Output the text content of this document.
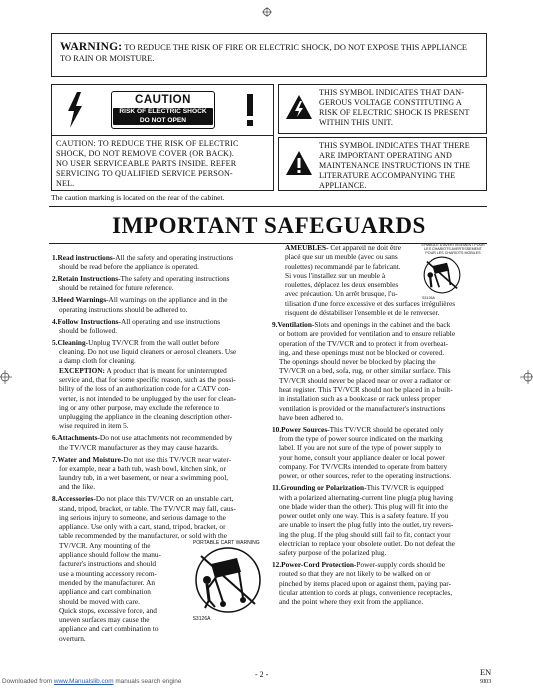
WARNING: TO REDUCE THE RISK OF FIRE OR ELECTRIC SHOCK, DO NOT EXPOSE THIS APPLIANCE
TO RAIN OR MOISTURE.
CAUTION
RISK OF ELECTRIC SHOCK
DO NOT OPEN
CAUTION: TO REDUCE THE RISK OF ELECTRIC
SHOCK, DO NOT REMOVE COVER (OR BACK).
NO USER SERVICEABLE PARTS INSIDE. REFER
SERVICING TO QUALIFIED SERVICE PERSON-
NEL.
THIS SYMBOL INDICATES THAT DAN-
GEROUS VOLTAGE CONSTITUTING A
RISK OF ELECTRIC SHOCK IS PRESENT
WITHIN THIS UNIT.
THIS SYMBOL INDICATES THAT THERE
ARE IMPORTANT OPERATING AND
MAINTENANCE INSTRUCTIONS IN THE
LITERATURE ACCOMPANYING THE
APPLIANCE.
The caution marking is located on the rear of the cabinet.
IMPORTANT SAFEGUARDS

1.Read instructions-All the safety and operating instructions
should be read before the appliance is operated.

2.Retain Instructions-The safety and operating instructions
should be retained for future reference.

3.Heed Warnings-All warnings on the appliance and in the
operating instructions should be adhered to.

4.Follow Instructions-All operating and use instructions
should be followed.

5.Cleaning-Unplug TV/VCR from the wall outlet before
cleaning. Do not use liquid cleaners or aerosol cleaners. Use
a damp cloth for cleaning.
EXCEPTION: A product that is meant for uninterrupted
service and, that for some specific reason, such as the possi-
bility of the loss of an authorization code for a CATV con-
verter, is not intended to be unplugged by the user for clean-
ing or any other purpose, may exclude the reference to
unplugging the appliance in the cleaning description other-
wise required in item 5.

6.Attachments-Do not use attachments not recommended by
the TV/VCR manufacturer as they may cause hazards.

7.Water and Moisture-Do not use this TV/VCR near water-
for example, near a bath tub, wash bowl, kitchen sink, or
laundry tub, in a wet basement, or near a swimming pool,
and the like.

8.Accessories-Do not place this TV/VCR on an unstable cart,
stand, tripod, bracket, or table. The TV/VCR may fall, caus-
ing serious injury to someone, and serious damage to the
appliance. Use only with a cart, stand, tripod, bracket, or
table recommended by the manufacturer, or sold with the
TV/VCR. Any mounting of the

appliance should follow the manu-
facturer's instructions and should
use a mounting accessory recom-
mended by the manufacturer. An
appliance and cart combination
should be moved with care.
Quick stops, excessive force, and
uneven surfaces may cause the
appliance and cart combination to
overturn.
PORTABLE CART WARNING
S3126A
SYMBOLE D'AVERTISSEMENT POUR LES CHARIOTS AVERTISSEMENT POUR LES CHARIOTS MOBILES
S3126A

AMEUBLES- Cet appareil ne doit être
placé que sur un meuble (avec ou sans
roulettes) recommandé par le fabricant.
Si vous l'installez sur un meuble à
roulettes, déplacez les deux ensembles
avec précaution. Un arrêt brusque, l'u-
tilisation d'une force excessive et des surfaces irrégulières
risquent de déstabiliser l'ensemble et de le renverser.

9.Ventilation-Slots and openings in the cabinet and the back
or bottom are provided for ventilation and to ensure reliable
operation of the TV/VCR and to protect it from overheat-
ing, and these openings must not be blocked or covered.
The openings should never be blocked by placing the
TV/VCR on a bed, sofa, rug, or other similar surface. This
TV/VCR should never be placed near or over a radiator or
heat register. This TV/VCR should not be placed in a built-
in installation such as a bookcase or rack unless proper
ventilation is provided or the manufacturer's instructions
have been adhered to.

10.Power Sources-This TV/VCR should be operated only
from the type of power source indicated on the marking
label. If you are not sure of the type of power supply to
your home, consult your appliance dealer or local power
company. For TV/VCRs intended to operate from battery
power, or other sources, refer to the operating instructions.

11.Grounding or Polarization-This TV/VCR is equipped
with a polarized alternating-current line plug(a plug having
one blade wider than the other). This plug will fit into the
power outlet only one way. This is a safety feature. If you
are unable to insert the plug fully into the outlet, try revers-
ing the plug. If the plug should still fail to fit, contact your
electrician to replace your obsolete outlet. Do not defeat the
safety purpose of the polarized plug.

12.Power-Cord Protection-Power-supply cords should be
routed so that they are not likely to be walked on or
pinched by items placed upon or against them, paying par-
ticular attention to cords at plugs, convenience receptacles,
and the point where they exit from the appliance.

- 2 -	EN
9I03
Downloaded from www.Manualslib.com manuals search engine
